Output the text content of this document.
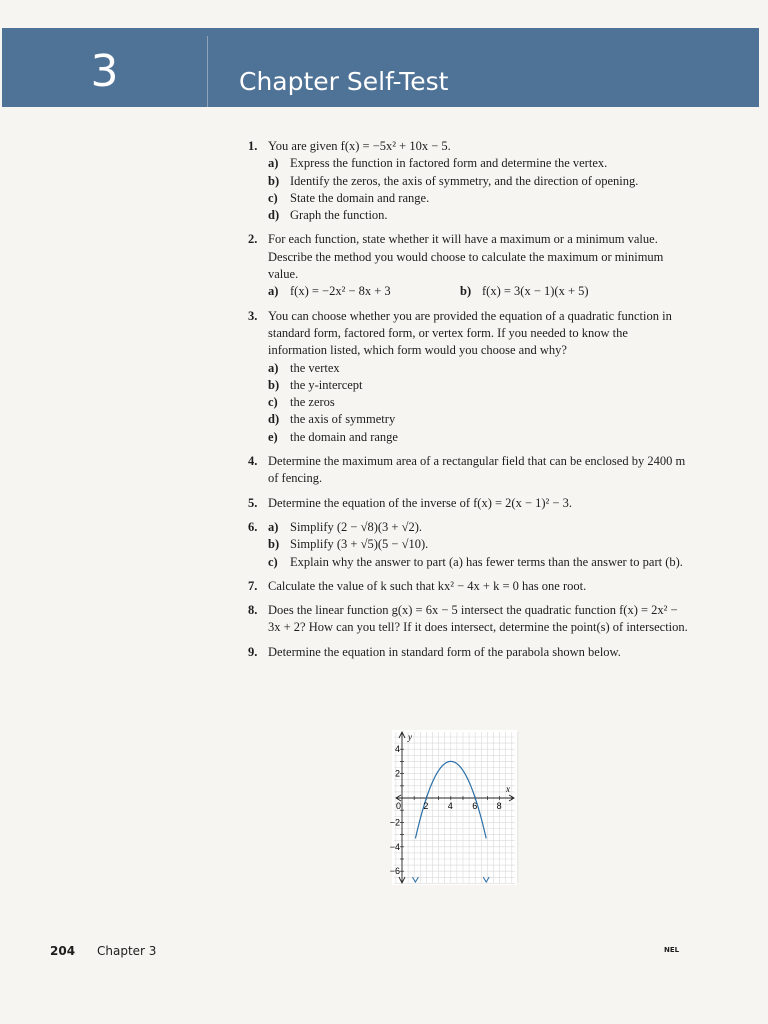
3	Chapter Self-Test
1. You are given f(x) = −5x² + 10x − 5.
a) Express the function in factored form and determine the vertex.
b) Identify the zeros, the axis of symmetry, and the direction of opening.
c) State the domain and range.
d) Graph the function.
2. For each function, state whether it will have a maximum or a minimum value. Describe the method you would choose to calculate the maximum or minimum value.
a) f(x) = −2x² − 8x + 3	b) f(x) = 3(x − 1)(x + 5)
3. You can choose whether you are provided the equation of a quadratic function in standard form, factored form, or vertex form. If you needed to know the information listed, which form would you choose and why?
a) the vertex
b) the y-intercept
c) the zeros
d) the axis of symmetry
e) the domain and range
4. Determine the maximum area of a rectangular field that can be enclosed by 2400 m of fencing.
5. Determine the equation of the inverse of f(x) = 2(x − 1)² − 3.
6. a) Simplify (2 − √8)(3 + √2).
b) Simplify (3 + √5)(5 − √10).
c) Explain why the answer to part (a) has fewer terms than the answer to part (b).
7. Calculate the value of k such that kx² − 4x + k = 0 has one root.
8. Does the linear function g(x) = 6x − 5 intersect the quadratic function f(x) = 2x² − 3x + 2? How can you tell? If it does intersect, determine the point(s) of intersection.
9. Determine the equation in standard form of the parabola shown below.
x
y
0 2 4 6 8
4
2
−2
−4
−6
204 Chapter 3	NEL
